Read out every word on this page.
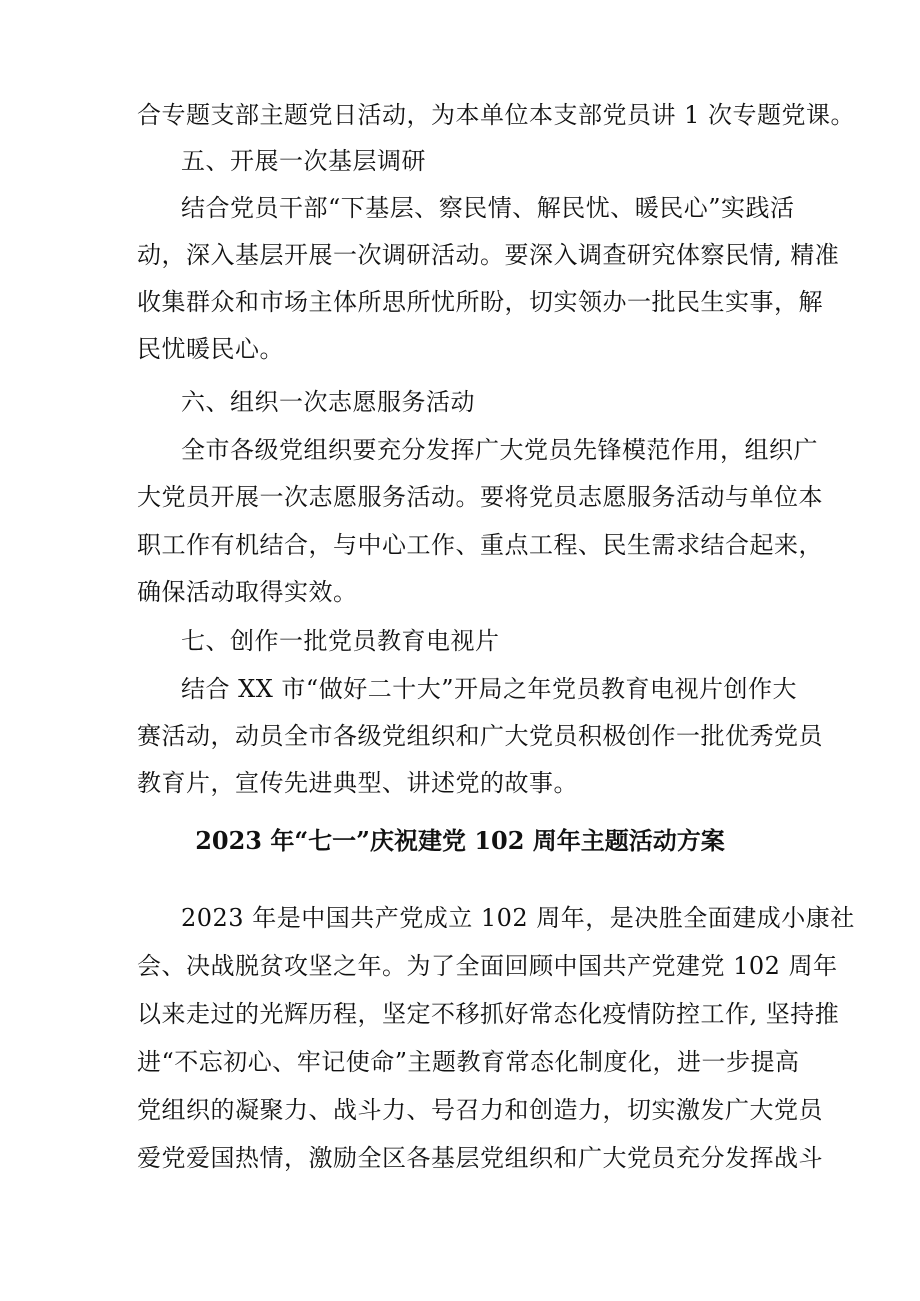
合专题支部主题党日活动，为本单位本支部党员讲 1 次专题党课。
五、开展一次基层调研
结合党员干部“下基层、察民情、解民忧、暖民心”实践活
动，深入基层开展一次调研活动。要深入调查研究体察民情, 精准
收集群众和市场主体所思所忧所盼，切实领办一批民生实事，解
民忧暖民心。
六、组织一次志愿服务活动
全市各级党组织要充分发挥广大党员先锋模范作用，组织广
大党员开展一次志愿服务活动。要将党员志愿服务活动与单位本
职工作有机结合，与中心工作、重点工程、民生需求结合起来，
确保活动取得实效。
七、创作一批党员教育电视片
结合 XX 市“做好二十大”开局之年党员教育电视片创作大
赛活动，动员全市各级党组织和广大党员积极创作一批优秀党员
教育片，宣传先进典型、讲述党的故事。
2023 年“七一”庆祝建党 102 周年主题活动方案
2023 年是中国共产党成立 102 周年，是决胜全面建成小康社
会、决战脱贫攻坚之年。为了全面回顾中国共产党建党 102 周年
以来走过的光辉历程，坚定不移抓好常态化疫情防控工作, 坚持推
进“不忘初心、牢记使命”主题教育常态化制度化，进一步提高
党组织的凝聚力、战斗力、号召力和创造力，切实激发广大党员
爱党爱国热情，激励全区各基层党组织和广大党员充分发挥战斗
